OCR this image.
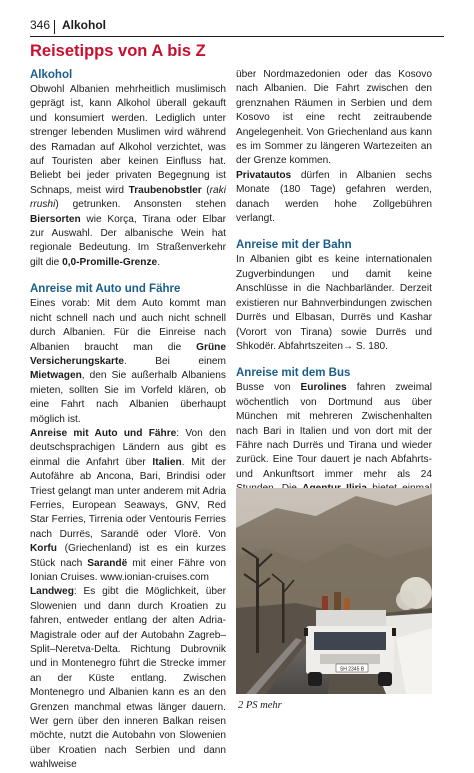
346 Alkohol
Reisetipps von A bis Z
Alkohol

Obwohl Albanien mehrheitlich muslimisch geprägt ist, kann Alkohol überall gekauft und konsumiert werden. Lediglich unter strenger lebenden Muslimen wird während des Ramadan auf Alkohol verzichtet, was auf Touristen aber keinen Einfluss hat. Beliebt bei jeder privaten Begegnung ist Schnaps, meist wird Traubenobstler (raki rrushi) getrunken. Ansonsten stehen Biersorten wie Korça, Tirana oder Elbar zur Auswahl. Der albanische Wein hat regionale Bedeutung. Im Straßenverkehr gilt die 0,0-Promille-Grenze.

Anreise mit Auto und Fähre

Eines vorab: Mit dem Auto kommt man nicht schnell nach und auch nicht schnell durch Albanien. Für die Einreise nach Albanien braucht man die Grüne Versicherungskarte. Bei einem Mietwagen, den Sie außerhalb Albaniens mieten, sollten Sie im Vorfeld klären, ob eine Fahrt nach Albanien überhaupt möglich ist.

Anreise mit Auto und Fähre: Von den deutschsprachigen Ländern aus gibt es einmal die Anfahrt über Italien. Mit der Autofähre ab Ancona, Bari, Brindisi oder Triest gelangt man unter anderem mit Adria Ferries, European Seaways, GNV, Red Star Ferries, Tirrenia oder Ventouris Ferries nach Durrës, Sarandë oder Vlorë. Von Korfu (Griechenland) ist es ein kurzes Stück nach Sarandë mit einer Fähre von Ionian Cruises. www.ionian-cruises.com

Landweg: Es gibt die Möglichkeit, über Slowenien und dann durch Kroatien zu fahren, entweder entlang der alten Adria-Magistrale oder auf der Autobahn Zagreb–Split–Neretva-Delta. Richtung Dubrovnik und in Montenegro führt die Strecke immer an der Küste entlang. Zwischen Montenegro und Albanien kann es an den Grenzen manchmal etwas länger dauern. Wer gern über den inneren Balkan reisen möchte, nutzt die Autobahn von Slowenien über Kroatien nach Serbien und dann wahlweise

über Nordmazedonien oder das Kosovo nach Albanien. Die Fahrt zwischen den grenznahen Räumen in Serbien und dem Kosovo ist eine recht zeitraubende Angelegenheit. Von Griechenland aus kann es im Sommer zu längeren Wartezeiten an der Grenze kommen.

Privatautos dürfen in Albanien sechs Monate (180 Tage) gefahren werden, danach werden hohe Zollgebühren verlangt.

Anreise mit der Bahn

In Albanien gibt es keine internationalen Zugverbindungen und damit keine Anschlüsse in die Nachbarländer. Derzeit existieren nur Bahnverbindungen zwischen Durrës und Elbasan, Durrës und Kashar (Vorort von Tirana) sowie Durrës und Shkodër. Abfahrtszeiten→ S. 180.

Anreise mit dem Bus

Busse von Eurolines fahren zweimal wöchentlich von Dortmund aus über München mit mehreren Zwischenhalten nach Bari in Italien und von dort mit der Fähre nach Durrës und Tirana und wieder zurück. Eine Tour dauert je nach Abfahrts- und Ankunftsort immer mehr als 24

SH 2345 B
2 PS mehr
